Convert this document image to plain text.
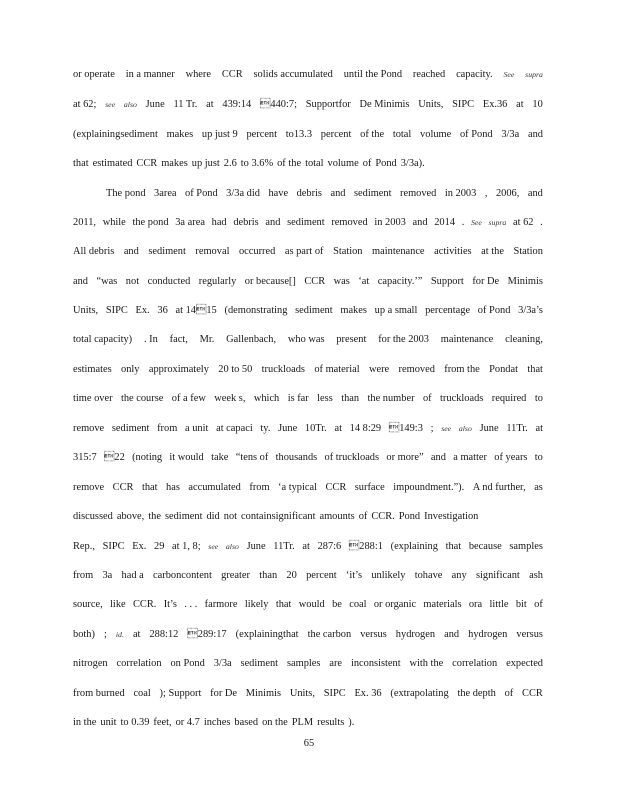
or operate in a manner where CCR solids accumulated until the Pond reached capacity. See supra
at 62; see also June 11 Tr. at 439:14 440:7; Supportfor De Minimis Units, SIPC Ex.36 at 10
(explainingsediment makes up just 9 percent to13.3 percent of the total volume of Pond 3/3a and
that estimated CCR makes up just 2.6 to 3.6% of the total volume of Pond 3/3a).
The pond 3area of Pond 3/3a did have debris and sediment removed in 2003 , 2006, and
2011, while the pond 3a area had debris and sediment removed in 2003 and 2014 . See supra at 62 .
All debris and sediment removal occurred as part of Station maintenance activities at the Station
and “was not conducted regularly or because[] CCR was ‘at capacity.’” Support for De Minimis
Units, SIPC Ex. 36 at 1415 (demonstrating sediment makes up a small percentage of Pond 3/3a’s
total capacity) . In fact, Mr. Gallenbach, who was present for the 2003 maintenance cleaning,
estimates only approximately 20 to 50 truckloads of material were removed from the Pondat that
time over the course of a few week s, which is far less than the number of truckloads required to
remove sediment from a unit at capaci ty. June 10Tr. at 14 8:29 149:3 ; see also June 11Tr. at
315:7 22 (noting it would take “tens of thousands of truckloads or more” and a matter of years to
remove CCR that has accumulated from ‘a typical CCR surface impoundment.”). A nd further, as
discussed above, the sediment did not containsignificant amounts of CCR. Pond Investigation
Rep., SIPC Ex. 29 at 1, 8; see also June 11Tr. at 287:6 288:1 (explaining that because samples
from 3a had a carboncontent greater than 20 percent ‘it’s unlikely tohave any significant ash
source, like CCR. It’s . . . farmore likely that would be coal or organic materials ora little bit of
both) ; id. at 288:12 289:17 (explainingthat the carbon versus hydrogen and hydrogen versus
nitrogen correlation on Pond 3/3a sediment samples are inconsistent with the correlation expected
from burned coal ); Support for De Minimis Units, SIPC Ex. 36 (extrapolating the depth of CCR
in the unit to 0.39 feet, or 4.7 inches based on the PLM results ).
65
